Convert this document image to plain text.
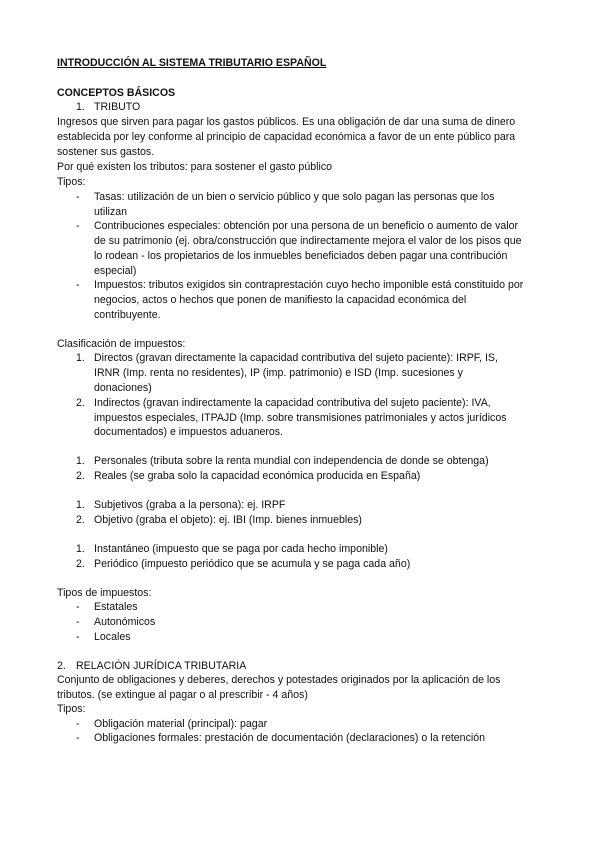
INTRODUCCIÓN AL SISTEMA TRIBUTARIO ESPAÑOL
CONCEPTOS BÁSICOS
1. TRIBUTO
Ingresos que sirven para pagar los gastos públicos. Es una obligación de dar una suma de dinero
establecida por ley conforme al principio de capacidad económica a favor de un ente público para
sostener sus gastos.
Por qué existen los tributos: para sostener el gasto público
Tipos:
- Tasas: utilización de un bien o servicio público y que solo pagan las personas que los
utilizan
- Contribuciones especiales: obtención por una persona de un beneficio o aumento de valor
de su patrimonio (ej. obra/construcción que indirectamente mejora el valor de los pisos que
lo rodean - los propietarios de los inmuebles beneficiados deben pagar una contribución
especial)
- Impuestos: tributos exigidos sin contraprestación cuyo hecho imponible está constituido por
negocios, actos o hechos que ponen de manifiesto la capacidad económica del
contribuyente.
Clasificación de impuestos:
1. Directos (gravan directamente la capacidad contributiva del sujeto paciente): IRPF, IS,
IRNR (Imp. renta no residentes), IP (imp. patrimonio) e ISD (Imp. sucesiones y
donaciones)
2. Indirectos (gravan indirectamente la capacidad contributiva del sujeto paciente): IVA,
impuestos especiales, ITPAJD (Imp. sobre transmisiones patrimoniales y actos jurídicos
documentados) e impuestos aduaneros.
1. Personales (tributa sobre la renta mundial con independencia de donde se obtenga)
2. Reales (se graba solo la capacidad económica producida en España)
1. Subjetivos (graba a la persona): ej. IRPF
2. Objetivo (graba el objeto): ej. IBI (Imp. bienes inmuebles)
1. Instantáneo (impuesto que se paga por cada hecho imponible)
2. Periódico (impuesto periódico que se acumula y se paga cada año)
Tipos de impuestos:
- Estatales
- Autonómicos
- Locales
2. RELACIÓN JURÍDICA TRIBUTARIA
Conjunto de obligaciones y deberes, derechos y potestades originados por la aplicación de los
tributos. (se extingue al pagar o al prescribir - 4 años)
Tipos:
- Obligación material (principal): pagar
- Obligaciones formales: prestación de documentación (declaraciones) o la retención
